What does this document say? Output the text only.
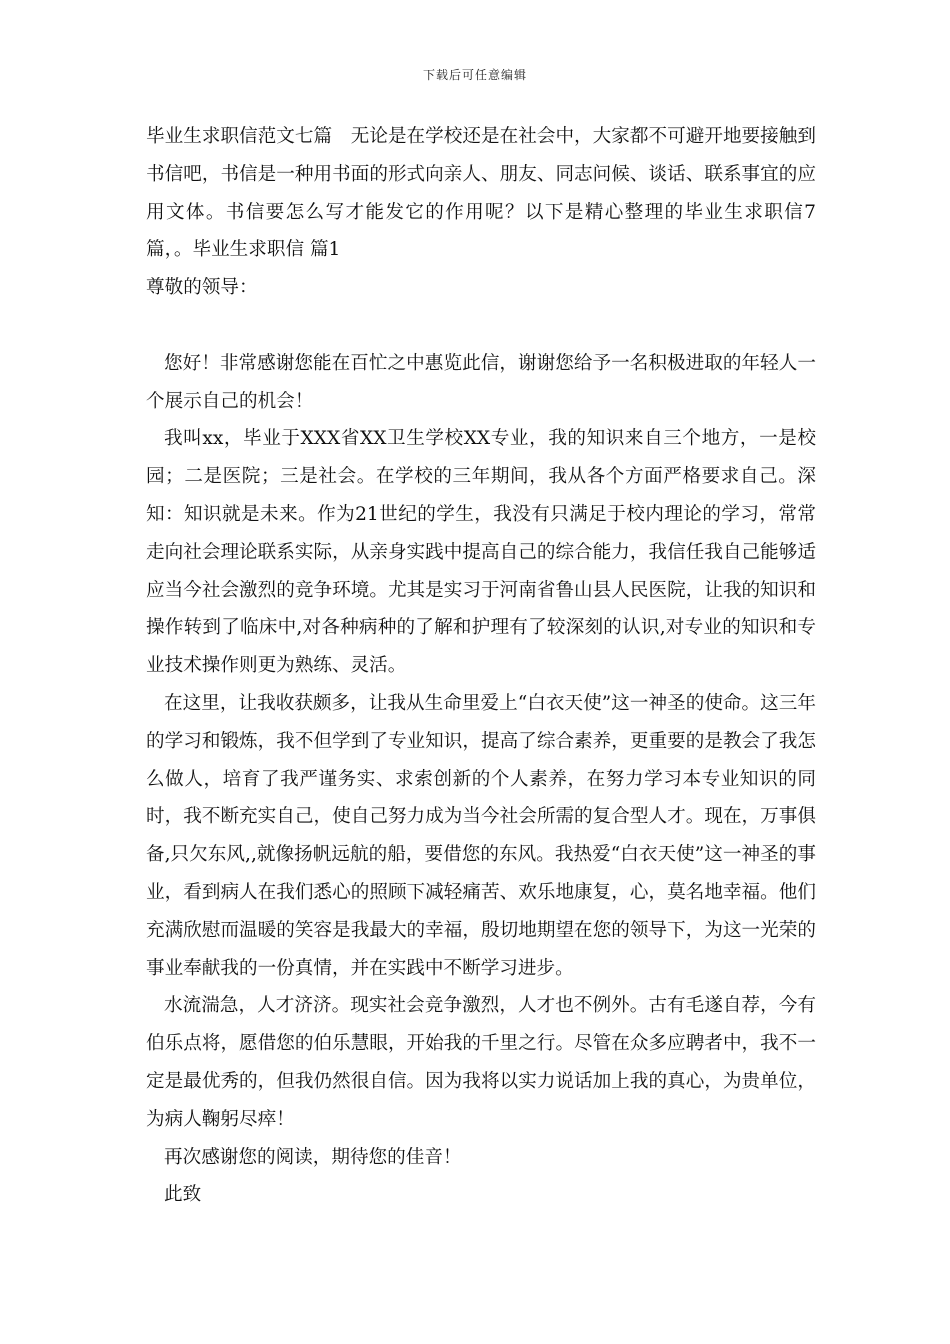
下载后可任意编辑

毕业生求职信范文七篇　无论是在学校还是在社会中，大家都不可避开地要接触到书信吧，书信是一种用书面的形式向亲人、朋友、同志问候、谈话、联系事宜的应用文体。书信要怎么写才能发它的作用呢？以下是精心整理的毕业生求职信7篇，。毕业生求职信 篇1

尊敬的领导：

您好！非常感谢您能在百忙之中惠览此信，谢谢您给予一名积极进取的年轻人一个展示自己的机会！

我叫xx，毕业于XXX省XX卫生学校XX专业，我的知识来自三个地方，一是校园；二是医院；三是社会。在学校的三年期间，我从各个方面严格要求自己。深知：知识就是未来。作为21世纪的学生，我没有只满足于校内理论的学习，常常走向社会理论联系实际，从亲身实践中提高自己的综合能力，我信任我自己能够适应当今社会激烈的竞争环境。尤其是实习于河南省鲁山县人民医院，让我的知识和操作转到了临床中,对各种病种的了解和护理有了较深刻的认识,对专业的知识和专业技术操作则更为熟练、灵活。

在这里，让我收获颇多，让我从生命里爱上“白衣天使”这一神圣的使命。这三年的学习和锻炼，我不但学到了专业知识，提高了综合素养，更重要的是教会了我怎么做人，培育了我严谨务实、求索创新的个人素养，在努力学习本专业知识的同时，我不断充实自己，使自己努力成为当今社会所需的复合型人才。现在，万事俱备,只欠东风,,就像扬帆远航的船，要借您的东风。我热爱“白衣天使”这一神圣的事业，看到病人在我们悉心的照顾下减轻痛苦、欢乐地康复，心，莫名地幸福。他们充满欣慰而温暖的笑容是我最大的幸福，殷切地期望在您的领导下，为这一光荣的事业奉献我的一份真情，并在实践中不断学习进步。

水流湍急，人才济济。现实社会竞争激烈，人才也不例外。古有毛遂自荐，今有伯乐点将，愿借您的伯乐慧眼，开始我的千里之行。尽管在众多应聘者中，我不一定是最优秀的，但我仍然很自信。因为我将以实力说话加上我的真心，为贵单位，为病人鞠躬尽瘁！

再次感谢您的阅读，期待您的佳音！

此致
